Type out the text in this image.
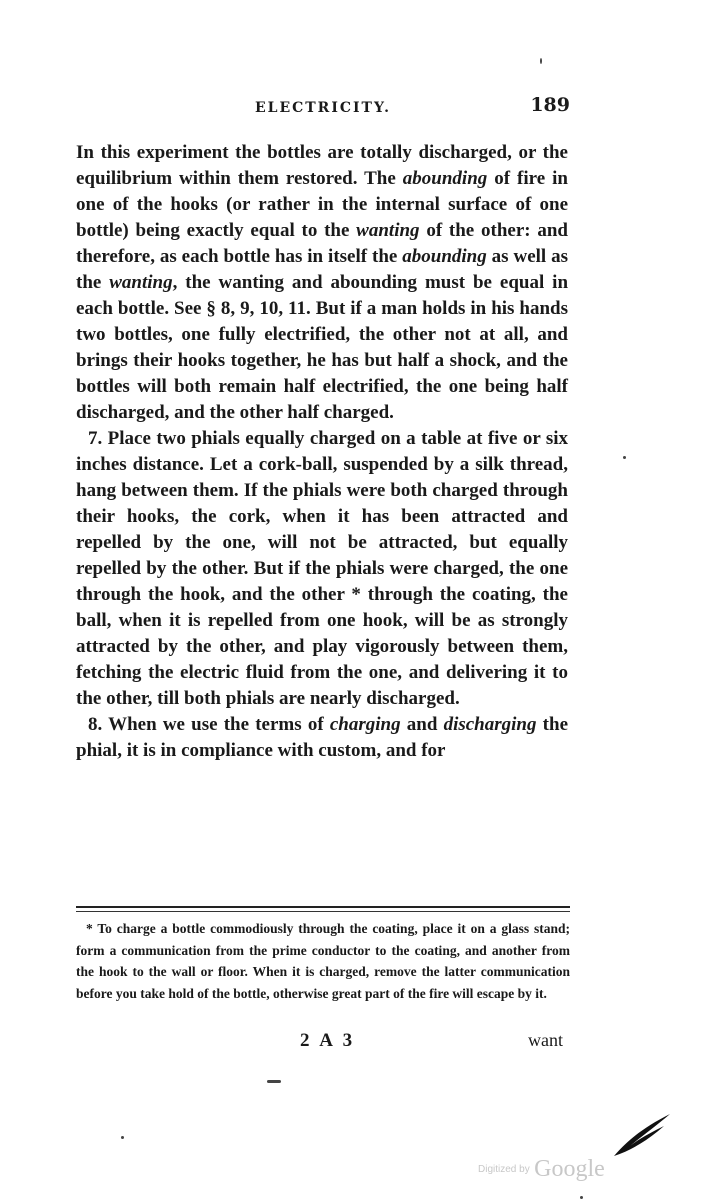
ELECTRICITY.	189

In this experiment the bottles are totally discharged, or the equilibrium within them restored. The abounding of fire in one of the hooks (or rather in the internal surface of one bottle) being exactly equal to the wanting of the other: and therefore, as each bottle has in itself the abounding as well as the wanting, the wanting and abounding must be equal in each bottle. See § 8, 9, 10, 11. But if a man holds in his hands two bottles, one fully electrified, the other not at all, and brings their hooks together, he has but half a shock, and the bottles will both remain half electrified, the one being half discharged, and the other half charged.

7. Place two phials equally charged on a table at five or six inches distance. Let a cork-ball, suspended by a silk thread, hang between them. If the phials were both charged through their hooks, the cork, when it has been attracted and repelled by the one, will not be attracted, but equally repelled by the other. But if the phials were charged, the one through the hook, and the other * through the coating, the ball, when it is repelled from one hook, will be as strongly attracted by the other, and play vigorously between them, fetching the electric fluid from the one, and delivering it to the other, till both phials are nearly discharged.

8. When we use the terms of charging and discharging the phial, it is in compliance with custom, and for

* To charge a bottle commodiously through the coating, place it on a glass stand; form a communication from the prime conductor to the coating, and another from the hook to the wall or floor. When it is charged, remove the latter communication before you take hold of the bottle, otherwise great part of the fire will escape by it.

2 A 3	want
Digitized by Google
